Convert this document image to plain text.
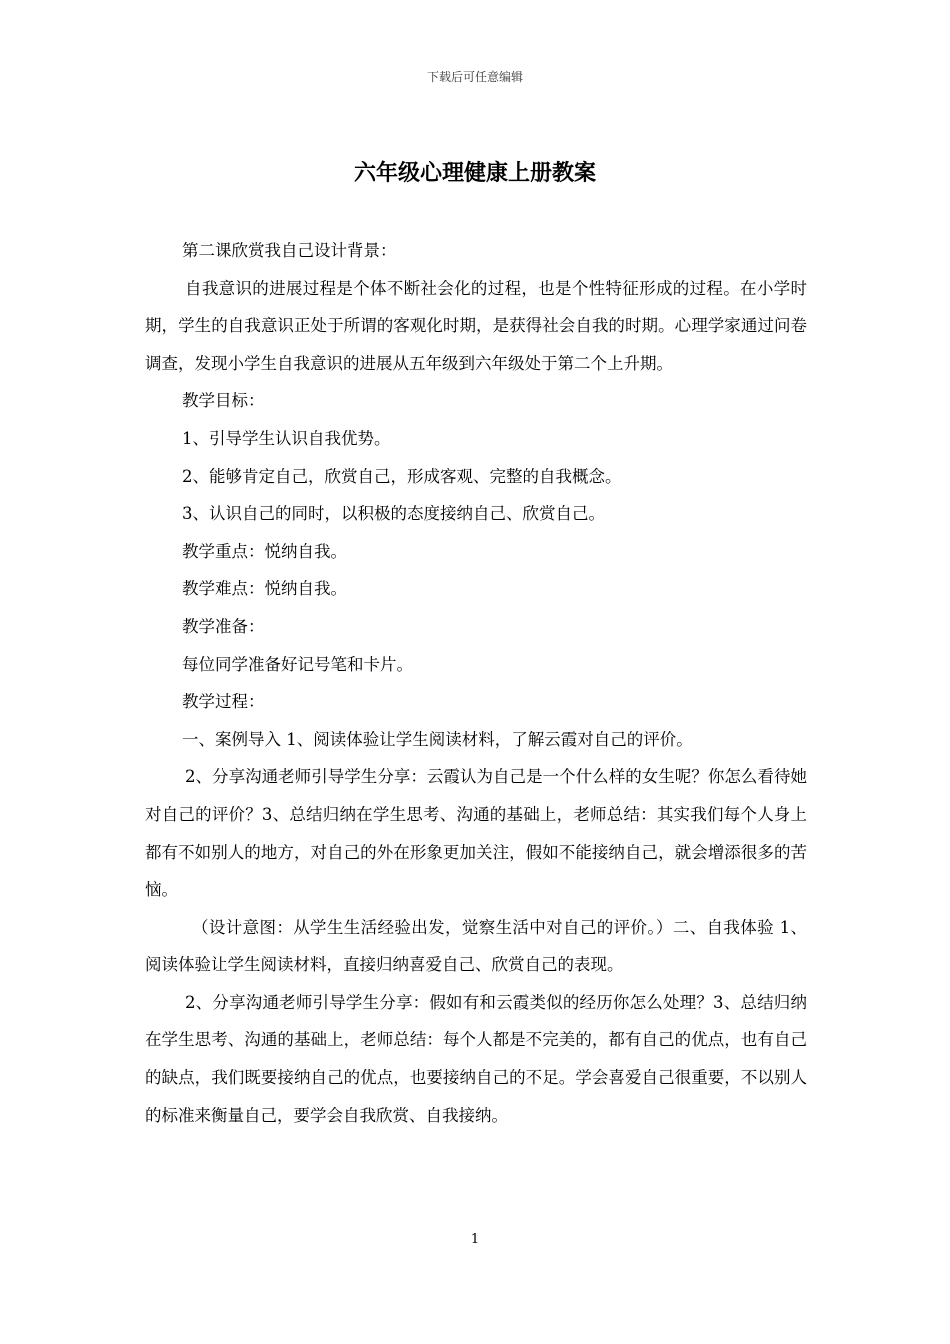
下载后可任意编辑
六年级心理健康上册教案

第二课欣赏我自己设计背景：

自我意识的进展过程是个体不断社会化的过程，也是个性特征形成的过程。在小学时期，学生的自我意识正处于所谓的客观化时期，是获得社会自我的时期。心理学家通过问卷调查，发现小学生自我意识的进展从五年级到六年级处于第二个上升期。

教学目标：

1、引导学生认识自我优势。

2、能够肯定自己，欣赏自己，形成客观、完整的自我概念。

3、认识自己的同时，以积极的态度接纳自己、欣赏自己。

教学重点：悦纳自我。

教学难点：悦纳自我。

教学准备：

每位同学准备好记号笔和卡片。

教学过程：

一、案例导入 1、阅读体验让学生阅读材料，了解云霞对自己的评价。

2、分享沟通老师引导学生分享：云霞认为自己是一个什么样的女生呢？你怎么看待她对自己的评价？3、总结归纳在学生思考、沟通的基础上，老师总结：其实我们每个人身上都有不如别人的地方，对自己的外在形象更加关注，假如不能接纳自己，就会增添很多的苦恼。

（设计意图：从学生生活经验出发，觉察生活中对自己的评价。）二、自我体验 1、阅读体验让学生阅读材料，直接归纳喜爱自己、欣赏自己的表现。

2、分享沟通老师引导学生分享：假如有和云霞类似的经历你怎么处理？3、总结归纳在学生思考、沟通的基础上，老师总结：每个人都是不完美的，都有自己的优点，也有自己的缺点，我们既要接纳自己的优点，也要接纳自己的不足。学会喜爱自己很重要，不以别人的标准来衡量自己，要学会自我欣赏、自我接纳。

1
